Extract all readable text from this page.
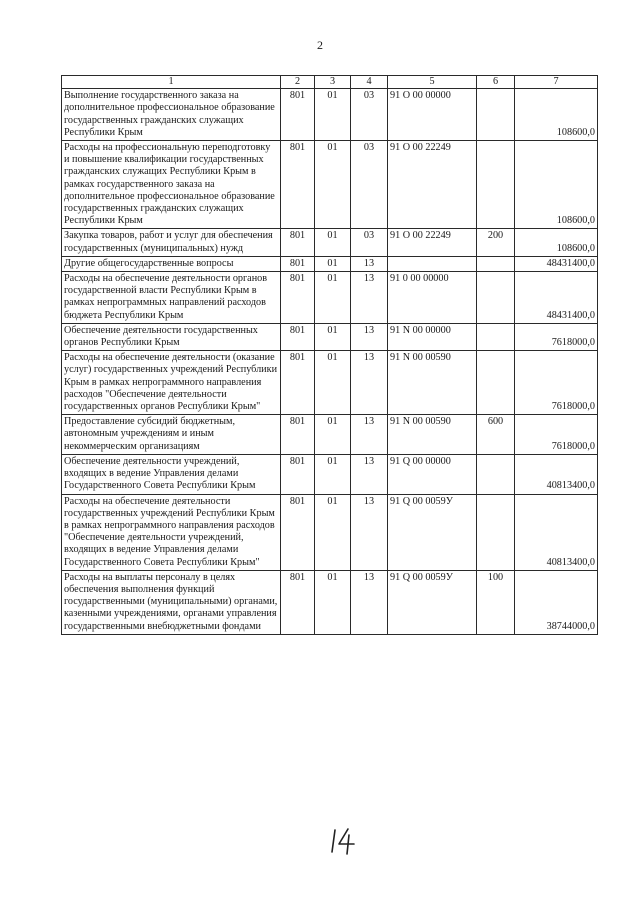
2
1	2	3	4	5	6	7
Выполнение государственного заказа на дополнительное профессиональное образование государственных гражданских служащих Республики Крым	801	01	03	91 О 00 00000		108600,0
Расходы на профессиональную переподготовку и повышение квалификации государственных гражданских служащих Республики Крым в рамках государственного заказа на дополнительное профессиональное образование государственных гражданских служащих Республики Крым	801	01	03	91 О 00 22249		108600,0
Закупка товаров, работ и услуг для обеспечения государственных (муниципальных) нужд	801	01	03	91 О 00 22249	200	108600,0
Другие общегосударственные вопросы	801	01	13			48431400,0
Расходы на обеспечение деятельности органов государственной власти Республики Крым в рамках непрограммных направлений расходов бюджета Республики Крым	801	01	13	91 0 00 00000		48431400,0
Обеспечение деятельности государственных органов Республики Крым	801	01	13	91 N 00 00000		7618000,0
Расходы на обеспечение деятельности (оказание услуг) государственных учреждений Республики Крым в рамках непрограммного направления расходов "Обеспечение деятельности государственных органов Республики Крым"	801	01	13	91 N 00 00590		7618000,0
Предоставление субсидий бюджетным, автономным учреждениям и иным некоммерческим организациям	801	01	13	91 N 00 00590	600	7618000,0
Обеспечение деятельности учреждений, входящих в ведение Управления делами Государственного Совета Республики Крым	801	01	13	91 Q 00 00000		40813400,0
Расходы на обеспечение деятельности государственных учреждений Республики Крым в рамках непрограммного направления расходов "Обеспечение деятельности учреждений, входящих в ведение Управления делами Государственного Совета Республики Крым"	801	01	13	91 Q 00 0059У		40813400,0
Расходы на выплаты персоналу в целях обеспечения выполнения функций государственными (муниципальными) органами, казенными учреждениями, органами управления государственными внебюджетными фондами	801	01	13	91 Q 00 0059У	100	38744000,0
